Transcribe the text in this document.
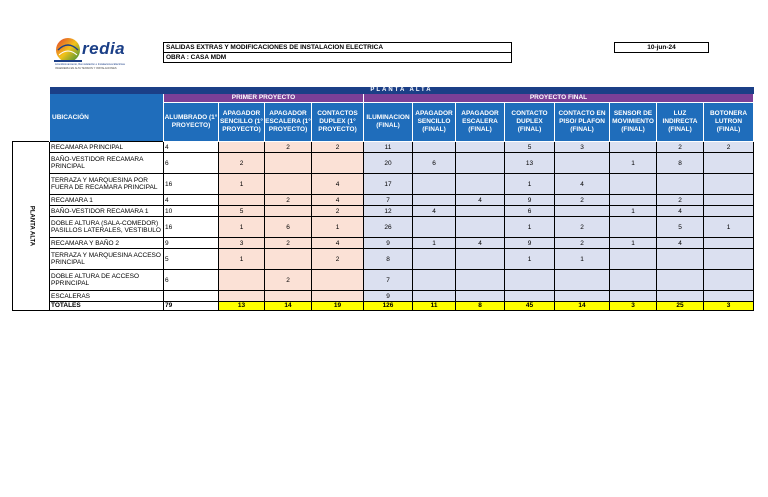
redia
Acondicionamiento, Remodelación e Instalaciones Eléctricas
INGENIERIA EN ALTA TENSION Y INSTALACIONES
SALIDAS EXTRAS Y MODIFICACIONES DE INSTALACION ELECTRICA
OBRA : CASA MDM
10-jun-24
	PLANTA ALTA												
	UBICACIÓN	PRIMER PROYECTO				PROYECTO FINAL							
		ALUMBRADO (1° PROYECTO)	APAGADOR SENCILLO (1° PROYECTO)	APAGADOR ESCALERA (1° PROYECTO)	CONTACTOS DUPLEX (1° PROYECTO)	ILUMINACION (FINAL)	APAGADOR SENCILLO (FINAL)	APAGADOR ESCALERA (FINAL)	CONTACTO DUPLEX (FINAL)	CONTACTO EN PISO/ PLAFON (FINAL)	SENSOR DE MOVIMIENTO (FINAL)	LUZ INDIRECTA (FINAL)	BOTONERA LUTRON (FINAL)

PLANTA ALTA	RECAMARA PRINCIPAL	4		2	2	11			5	3		2	2
	BAÑO-VESTIDOR RECAMARA PRINCIPAL	6	2			20	6		13		1	8	
	TERRAZA Y MARQUESINA POR FUERA DE RECAMARA PRINCIPAL	16	1		4	17			1	4			
	RECAMARA 1	4		2	4	7		4	9	2		2	
	BAÑO-VESTIDOR RECAMARA 1	10	5		2	12	4		6		1	4	
	DOBLE ALTURA (SALA-COMEDOR) PASILLOS LATERALES, VESTIBULO	16	1	6	1	26			1	2		5	1
	RECAMARA Y BAÑO 2	9	3	2	4	9	1	4	9	2	1	4	
	TERRAZA Y MARQUESINA ACCESO PRINCIPAL	5	1		2	8			1	1			
	DOBLE ALTURA DE ACCESO PPRINCIPAL	6		2		7							
	ESCALERAS					9							
	TOTALES	79	13	14	19	126	11	8	45	14	3	25	3
